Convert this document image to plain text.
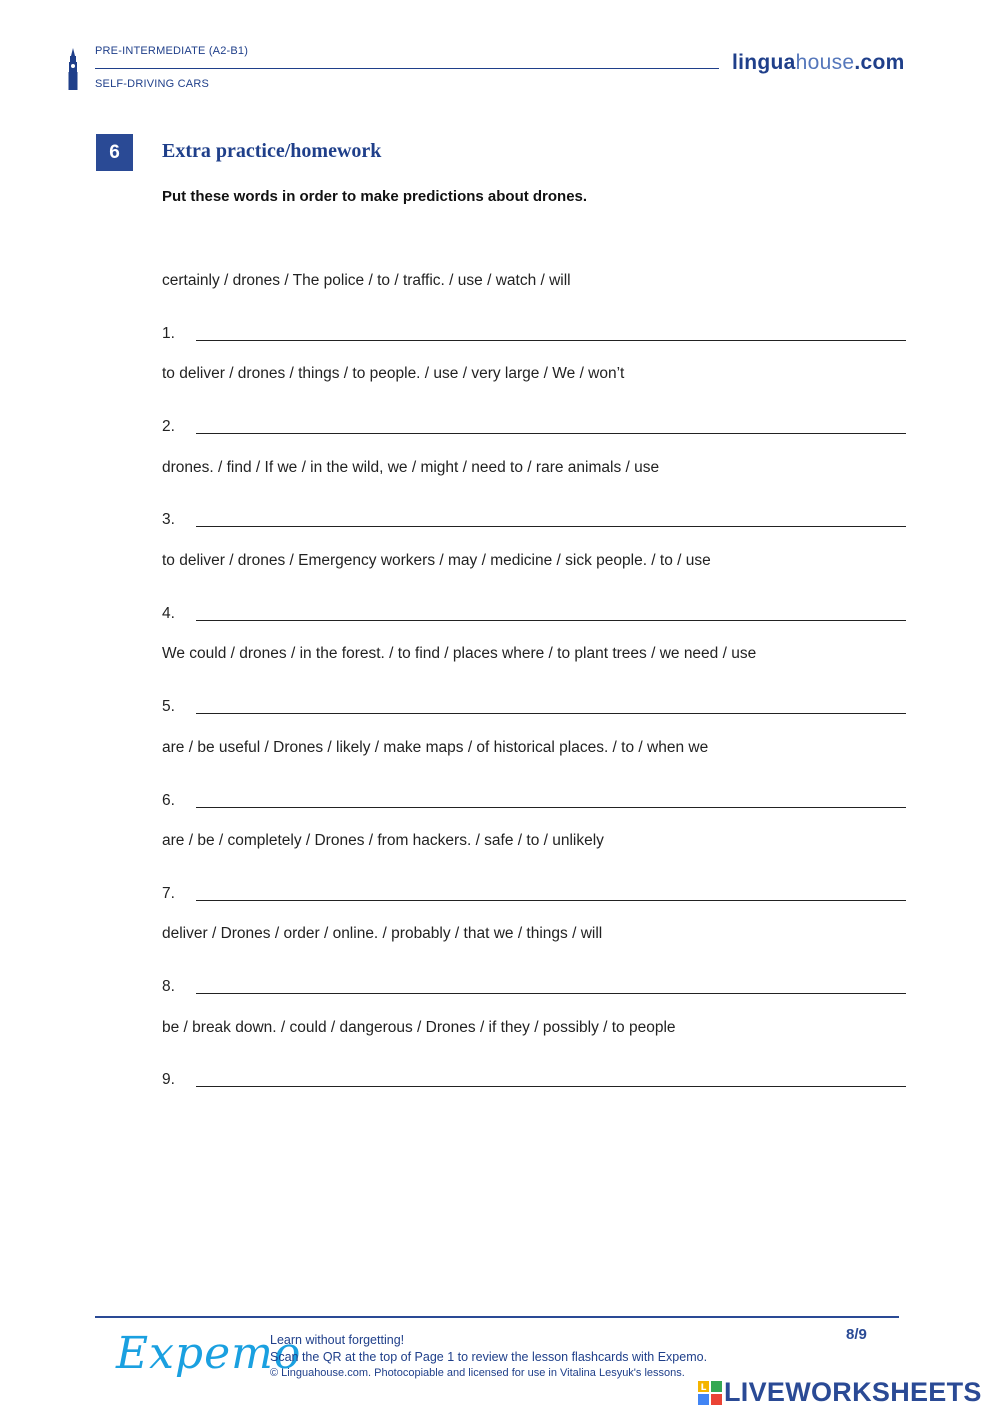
PRE-INTERMEDIATE (A2-B1)
SELF-DRIVING CARS
linguahouse.com
6	Extra practice/homework
Put these words in order to make predictions about drones.
certainly / drones / The police / to / traffic. / use / watch / will
1.
to deliver / drones / things / to people. / use / very large / We / won’t
2.
drones. / find / If we / in the wild, we / might / need to / rare animals / use
3.
to deliver / drones / Emergency workers / may / medicine / sick people. / to / use
4.
We could / drones / in the forest. / to find / places where / to plant trees / we need / use
5.
are / be useful / Drones / likely / make maps / of historical places. / to / when we
6.
are / be / completely / Drones / from hackers. / safe / to / unlikely
7.
deliver / Drones / order / online. / probably / that we / things / will
8.
be / break down. / could / dangerous / Drones / if they / possibly / to people
9.
Expemo
Learn without forgetting!
Scan the QR at the top of Page 1 to review the lesson flashcards with Expemo.
© Linguahouse.com. Photocopiable and licensed for use in Vitalina Lesyuk's lessons.
8/9
L LIVEWORKSHEETS
